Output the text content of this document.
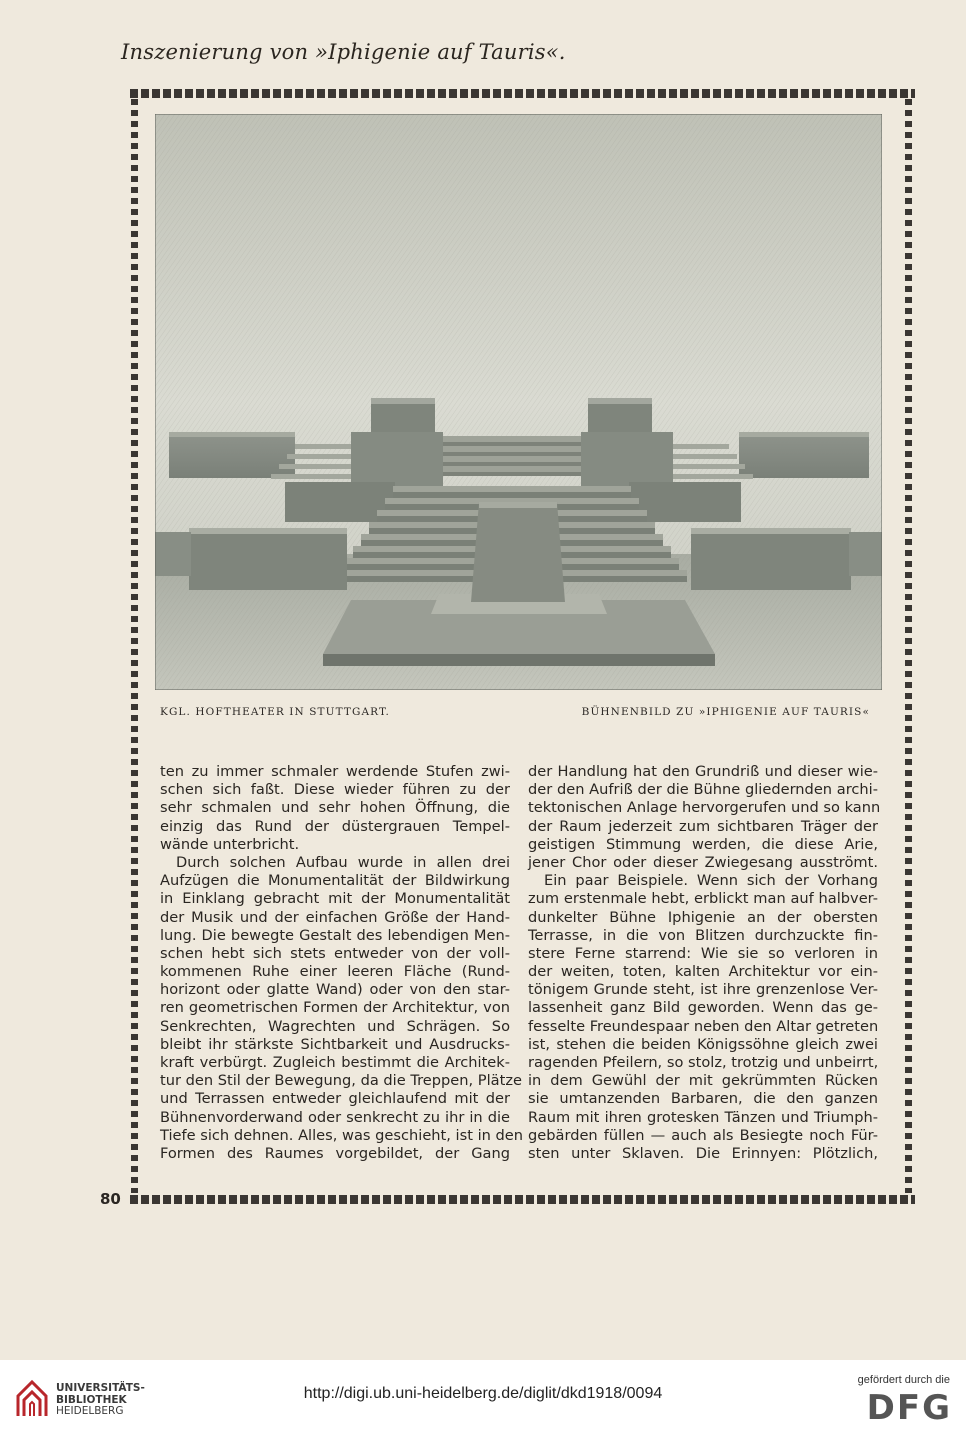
Inszenierung von »Iphigenie auf Tauris«.
KGL. HOFTHEATER IN STUTTGART.	BÜHNENBILD ZU »IPHIGENIE AUF TAURIS«
ten zu immer schmaler werdende Stufen zwi-
schen sich faßt. Diese wieder führen zu der
sehr schmalen und sehr hohen Öffnung, die
einzig das Rund der düstergrauen Tempel-
wände unterbricht.
Durch solchen Aufbau wurde in allen drei
Aufzügen die Monumentalität der Bildwirkung
in Einklang gebracht mit der Monumentalität
der Musik und der einfachen Größe der Hand-
lung. Die bewegte Gestalt des lebendigen Men-
schen hebt sich stets entweder von der voll-
kommenen Ruhe einer leeren Fläche (Rund-
horizont oder glatte Wand) oder von den star-
ren geometrischen Formen der Architektur, von
Senkrechten, Wagrechten und Schrägen. So
bleibt ihr stärkste Sichtbarkeit und Ausdrucks-
kraft verbürgt. Zugleich bestimmt die Architek-
tur den Stil der Bewegung, da die Treppen, Plätze
und Terrassen entweder gleichlaufend mit der
Bühnenvorderwand oder senkrecht zu ihr in die
Tiefe sich dehnen. Alles, was geschieht, ist in den
Formen des Raumes vorgebildet, der Gang
der Handlung hat den Grundriß und dieser wie-
der den Aufriß der die Bühne gliedernden archi-
tektonischen Anlage hervorgerufen und so kann
der Raum jederzeit zum sichtbaren Träger der
geistigen Stimmung werden, die diese Arie,
jener Chor oder dieser Zwiegesang ausströmt.
Ein paar Beispiele. Wenn sich der Vorhang
zum erstenmale hebt, erblickt man auf halbver-
dunkelter Bühne Iphigenie an der obersten
Terrasse, in die von Blitzen durchzuckte fin-
stere Ferne starrend: Wie sie so verloren in
der weiten, toten, kalten Architektur vor ein-
tönigem Grunde steht, ist ihre grenzenlose Ver-
lassenheit ganz Bild geworden. Wenn das ge-
fesselte Freundespaar neben den Altar getreten
ist, stehen die beiden Königssöhne gleich zwei
ragenden Pfeilern, so stolz, trotzig und unbeirrt,
in dem Gewühl der mit gekrümmten Rücken
sie umtanzenden Barbaren, die den ganzen
Raum mit ihren grotesken Tänzen und Triumph-
gebärden füllen — auch als Besiegte noch Für-
sten unter Sklaven. Die Erinnyen: Plötzlich,
80
UNIVERSITÄTS-
BIBLIOTHEK
HEIDELBERG
http://digi.ub.uni-heidelberg.de/diglit/dkd1918/0094
gefördert durch die
DFG
